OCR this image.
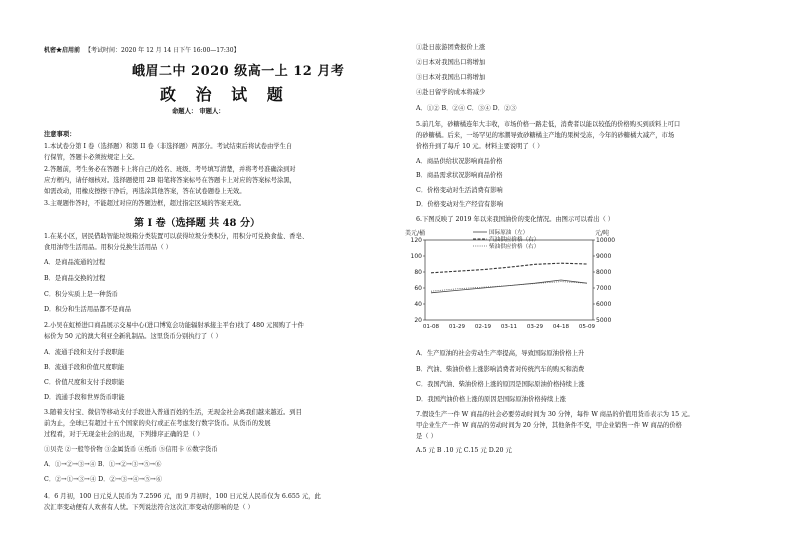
机密★启用前 【考试时间：2020 年 12 月 14 日下午 16:00—17:30】
峨眉二中 2020 级高一上 12 月考
政 治 试 题
命题人： 审题人：
注意事项：
1.本试卷分第 I 卷（选择题）和第 II 卷（非选择题）两部分。考试结束后将试卷由学生自
行保管，答题卡必须按规定上交。
2.答题前，考生务必在答题卡上将自己的姓名、班级、考号填写清楚，并将考号准确涂到对
应方框内，请仔细核对。选择题使用 2B 铅笔将答案标号在答题卡上对应的答案标号涂黑，
如需改动，用橡皮擦擦干净后，再选涂其他答案，答在试卷题卷上无效。
3.主观题作答时，不能超过对应的答题边框，超过指定区域的答案无效。
第 I 卷（选择题 共 48 分）
1.在某小区，居民借助智能垃圾箱分类装置可以获得垃圾分类积分，用积分可兑换食盐、香皂、
食用油等生活用品。用积分兑换生活用品（ ）
A．是商品流通的过程
B．是商品交换的过程
C．积分实质上是一种货币
D．积分和生活用品都不是商品
2.小吴在虹桥进口商品展示交易中心(进口博览会功能辐射承接主平台)找了 480 元囤购了十件
标价为 50 元的澳大利亚全新乳制品。这里货币分别执行了（ ）
A．流通手段和支付手段职能
B．流通手段和价值尺度职能
C．价值尺度和支付手段职能
D．流通手段和世界货币职能
3.随着支付宝、微信等移动支付手段进入普通百姓的生活，无现金社会离我们越来越近。到目
前为止，全球已有超过十五个国家的央行或正在考虑发行数字货币。从货币的发展
过程看，对于无现金社会的出现，下列排序正确的是（ ）
①贝壳 ②一般等价物 ③金属货币 ④纸币 ⑤信用卡 ⑥数字货币
A．①→②→③→④ B．①→②→③→⑤→⑥
C．②→①→③→④ D．②→③→④→⑤→⑥
4．6 月初，100 日元兑人民币为 7.2596 元，而 9 月初时，100 日元兑人民币仅为 6.655 元，此
次汇率变动便有人欢喜有人忧。下列说法符合这次汇率变动的影响的是（ ）
①赴日旅游团费报价上涨
②日本对我国出口将增加
③日本对我国出口将增加
④赴日留学的成本将减少
A．①② B．②④ C．③④ D．②③
5.前几年，砂糖橘连年大丰收，市场价格一路走低，消费者以能以较低的价格购买到质料上可口
的砂糖橘。后来，一场罕见的寒潮导致砂糖橘主产地的果树受冻，今年的砂糖橘大减产，市场
价格升到了每斤 10 元。材料主要说明了（ ）
A．商品供给状况影响商品价格
B．商品需求状况影响商品价格
C．价格变动对生活消费有影响
D．价格变动对生产经营有影响
6.下图反映了 2019 年以来我国油价的变化情况。由图示可以看出（ ）
美元/桶	元/吨
20
40
60
80
100
120
5000
6000
7000
8000
9000
10000
01-08 01-29 02-19 03-11 03-29 04-18 05-09
国际原油（左）
汽油供应价格（右）
柴油供应价格（右）
A．生产原油的社会劳动生产率提高，导致国际原油价格上升
B．汽油、柴油价格上涨影响消费者对传统汽车的购买和消费
C．我国汽油、柴油价格上涨的原因是国际原油价格持续上涨
D．我国汽油价格上涨的原因是国际原油价格持续上涨
7.假设生产一件 W 商品的社会必要劳动时间为 30 分钟，每件 W 商品的价值用货币表示为 15 元。
甲企业生产一件 W 商品的劳动时间为 20 分钟，其他条件不变，甲企业销售一件 W 商品的价格
是（ ）
A.5 元 B .10 元 C.15 元 D.20 元
